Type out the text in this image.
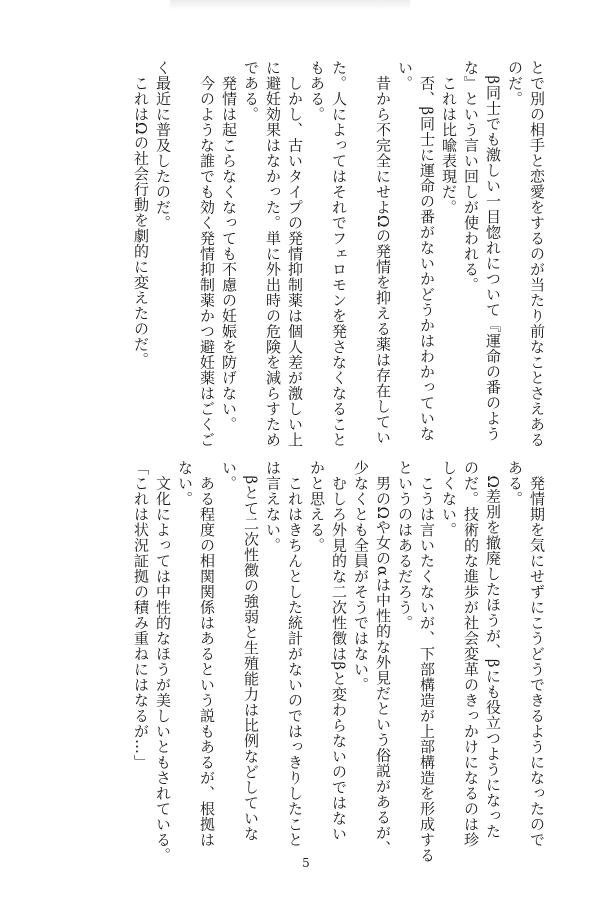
とで別の相手と恋愛をするのが当たり前なことさえある

のだ。

　β同士でも激しい一目惚れについて『運命の番のよう

な』という言い回しが使われる。

　これは比喩表現だ。

　否、β同士に運命の番がないかどうかはわかっていな

い。

　昔から不完全にせよΩの発情を抑える薬は存在してい

た。人によってはそれでフェロモンを発さなくなること

もある。

　しかし、古いタイプの発情抑制薬は個人差が激しい上

に避妊効果はなかった。単に外出時の危険を減らすため

である。

　発情は起こらなくなっても不慮の妊娠を防げない。

　今のような誰でも効く発情抑制薬かつ避妊薬はごくご

く最近に普及したのだ。

　これはΩの社会行動を劇的に変えたのだ。

　発情期を気にせずにこうどうできるようになったので

ある。

　Ω差別を撤廃したほうが、βにも役立つようになった

のだ。技術的な進歩が社会変革のきっかけになるのは珍

しくない。

　こうは言いたくないが、下部構造が上部構造を形成する

というのはあるだろう。

　男のΩや女のαは中性的な外見だという俗説があるが、

少なくとも全員がそうではない。

　むしろ外見的な二次性徴はβと変わらないのではない

かと思える。

　これはきちんとした統計がないのではっきりしたこと

は言えない。

　βとて二次性徴の強弱と生殖能力は比例などしていな

い。

　ある程度の相関関係はあるという説もあるが、根拠は

ない。

　文化によっては中性的なほうが美しいともされている。

「これは状況証拠の積み重ねにはなるが…」

5
